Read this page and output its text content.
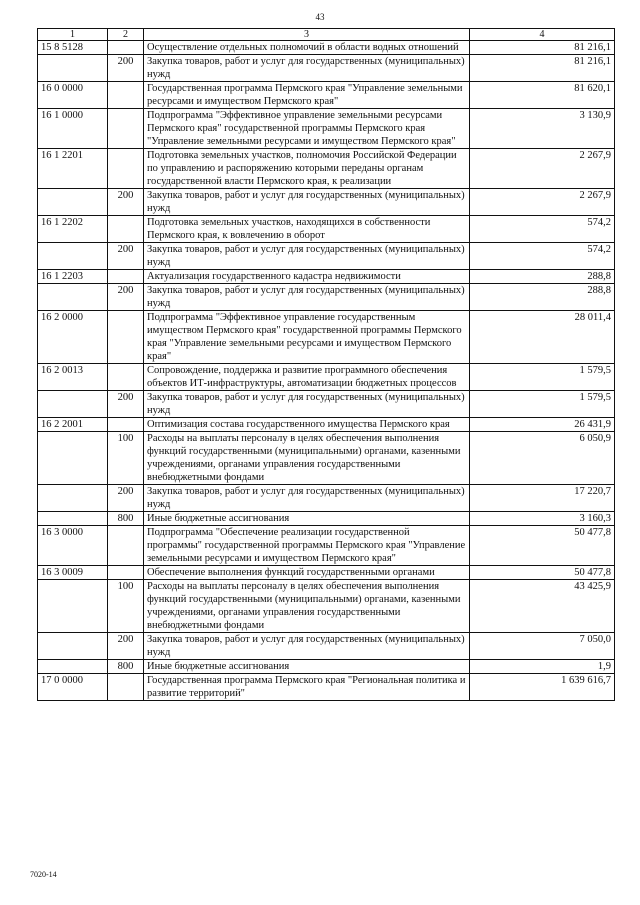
43
1	2	3	4
15 8 5128		Осуществление отдельных полномочий в области водных отношений	81 216,1
	200	Закупка товаров, работ и услуг для государственных (муниципальных) нужд	81 216,1
16 0 0000		Государственная программа Пермского края "Управление земельными ресурсами и имуществом Пермского края"	81 620,1
16 1 0000		Подпрограмма "Эффективное управление земельными ресурсами Пермского края" государственной программы Пермского края "Управление земельными ресурсами и имуществом Пермского края"	3 130,9
16 1 2201		Подготовка земельных участков, полномочия Российской Федерации по управлению и распоряжению которыми переданы органам государственной власти Пермского края, к реализации	2 267,9
	200	Закупка товаров, работ и услуг для государственных (муниципальных) нужд	2 267,9
16 1 2202		Подготовка земельных участков, находящихся в собственности Пермского края, к вовлечению в оборот	574,2
	200	Закупка товаров, работ и услуг для государственных (муниципальных) нужд	574,2
16 1 2203		Актуализация государственного кадастра недвижимости	288,8
	200	Закупка товаров, работ и услуг для государственных (муниципальных) нужд	288,8
16 2 0000		Подпрограмма "Эффективное управление государственным имуществом Пермского края" государственной программы Пермского края "Управление земельными ресурсами и имуществом Пермского края"	28 011,4
16 2 0013		Сопровождение, поддержка и развитие программного обеспечения объектов ИТ-инфраструктуры, автоматизации бюджетных процессов	1 579,5
	200	Закупка товаров, работ и услуг для государственных (муниципальных) нужд	1 579,5
16 2 2001		Оптимизация состава государственного имущества Пермского края	26 431,9
	100	Расходы на выплаты персоналу в целях обеспечения выполнения функций государственными (муниципальными) органами, казенными учреждениями, органами управления государственными внебюджетными фондами	6 050,9
	200	Закупка товаров, работ и услуг для государственных (муниципальных) нужд	17 220,7
	800	Иные бюджетные ассигнования	3 160,3
16 3 0000		Подпрограмма "Обеспечение реализации государственной программы" государственной программы Пермского края "Управление земельными ресурсами и имуществом Пермского края"	50 477,8
16 3 0009		Обеспечение выполнения функций государственными органами	50 477,8
	100	Расходы на выплаты персоналу в целях обеспечения выполнения функций государственными (муниципальными) органами, казенными учреждениями, органами управления государственными внебюджетными фондами	43 425,9
	200	Закупка товаров, работ и услуг для государственных (муниципальных) нужд	7 050,0
	800	Иные бюджетные ассигнования	1,9
17 0 0000		Государственная программа Пермского края "Региональная политика и развитие территорий"	1 639 616,7
7020-14
